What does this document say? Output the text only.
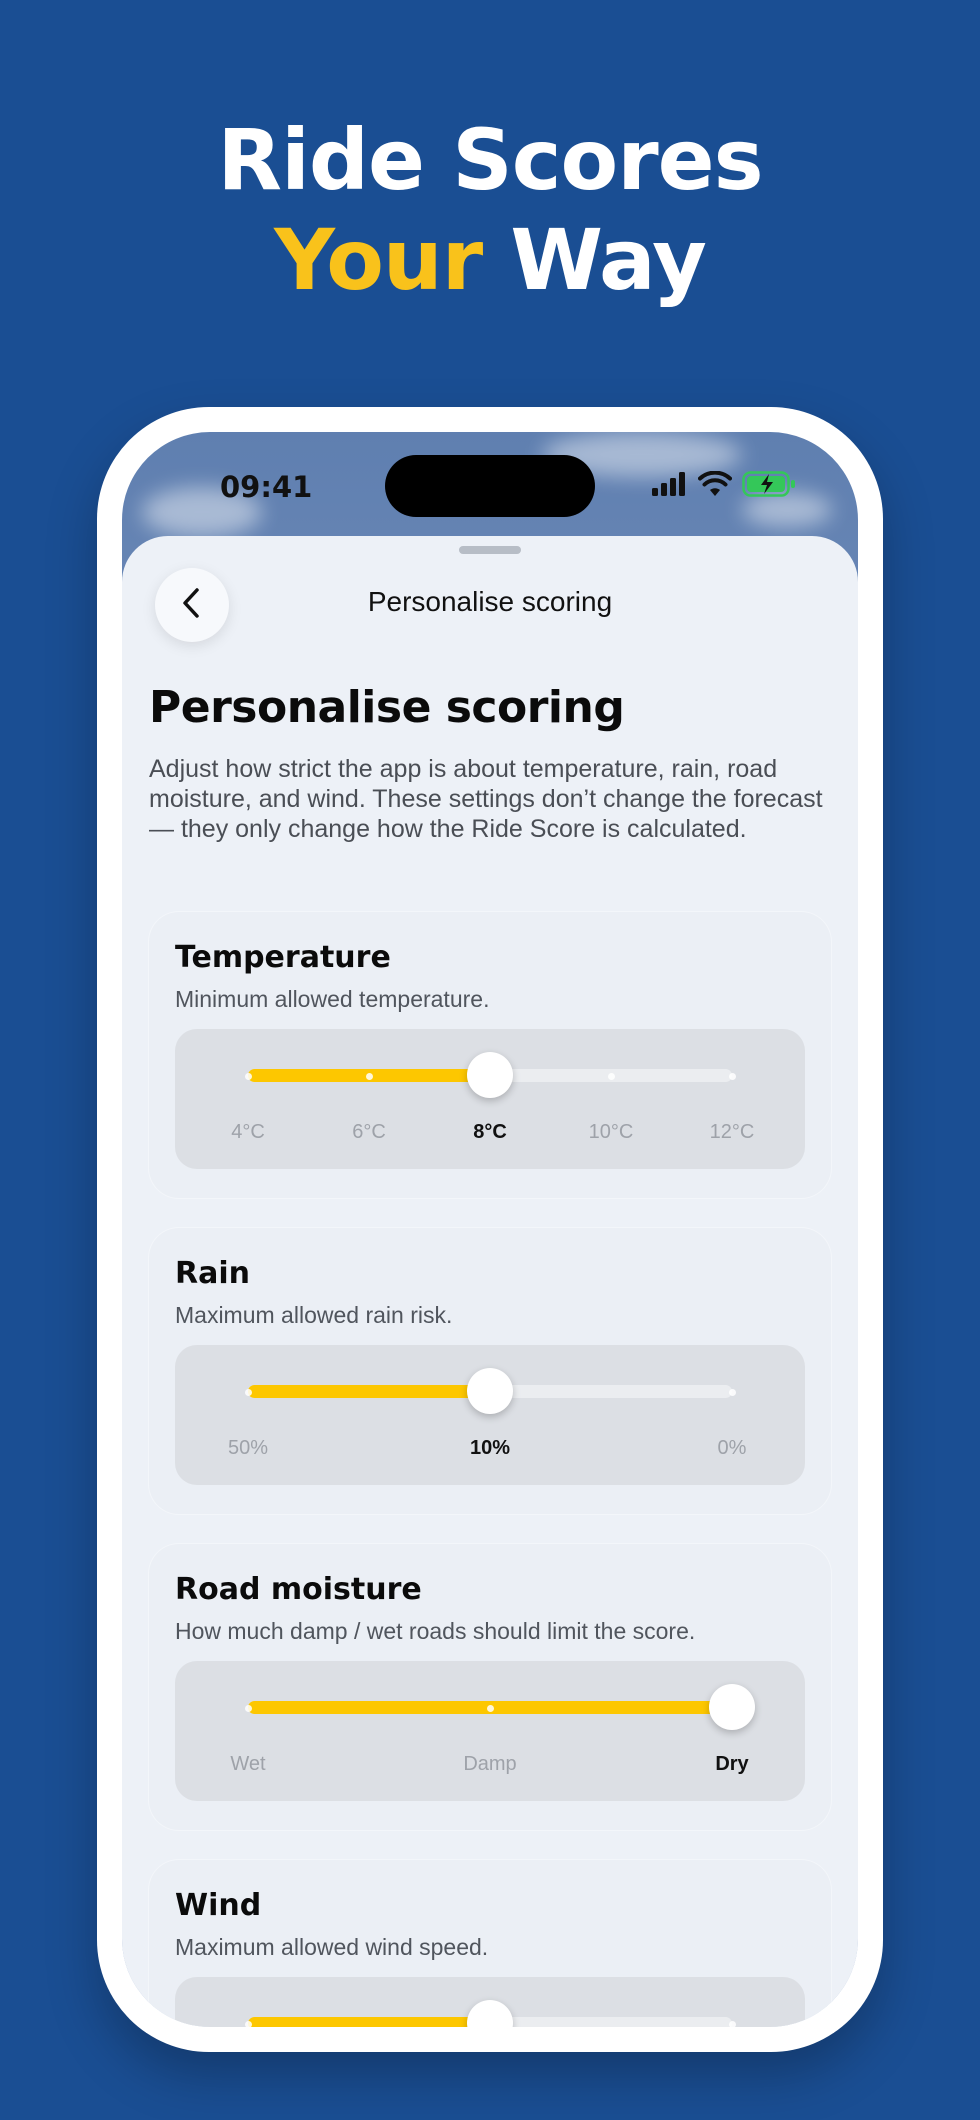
Ride Scores
Your Way
09:41
Personalise scoring
Personalise scoring
Adjust how strict the app is about temperature, rain, road moisture, and wind. These settings don’t change the forecast — they only change how the Ride Score is calculated.
Temperature
Minimum allowed temperature.
4°C	6°C	8°C	10°C	12°C
Rain
Maximum allowed rain risk.
50%	10%	0%
Road moisture
How much damp / wet roads should limit the score.
Wet	Damp	Dry
Wind
Maximum allowed wind speed.
